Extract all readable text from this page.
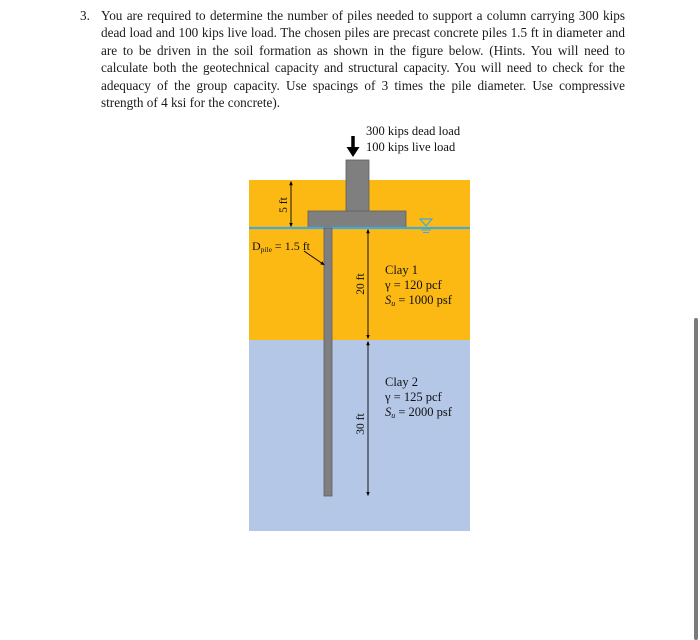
3. You are required to determine the number of piles needed to support a column carrying 300 kips dead load and 100 kips live load. The chosen piles are precast concrete piles 1.5 ft in diameter and are to be driven in the soil formation as shown in the figure below. (Hints. You will need to calculate both the geotechnical capacity and structural capacity. You will need to check for the adequacy of the group capacity. Use spacings of 3 times the pile diameter. Use compressive strength of 4 ksi for the concrete).
300 kips dead load
100 kips live load
5 ft
Dpile = 1.5 ft
20 ft
30 ft
Clay 1
γ = 120 pcf
Su = 1000 psf
Clay 2
γ = 125 pcf
Su = 2000 psf
